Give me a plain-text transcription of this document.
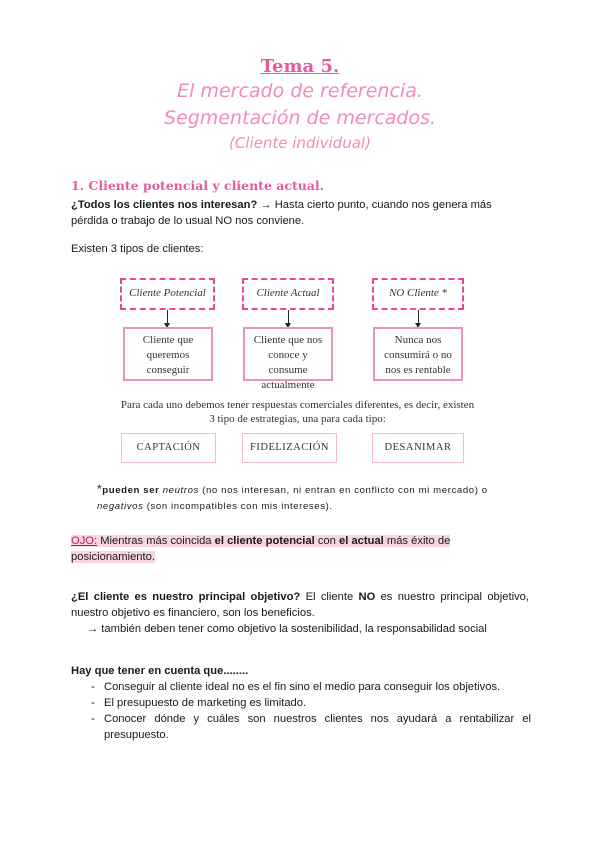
Tema 5.
El mercado de referencia.
Segmentación de mercados.
(Cliente individual)
1. Cliente potencial y cliente actual.
¿Todos los clientes nos interesan? → Hasta cierto punto, cuando nos genera más pérdida o trabajo de lo usual NO nos conviene.
Existen 3 tipos de clientes:
Cliente Potencial	Cliente Actual	NO Cliente *
Cliente que queremos conseguir
Cliente que nos conoce y consume actualmente
Nunca nos consumirá o no nos es rentable
Para cada uno debemos tener respuestas comerciales diferentes, es decir, existen 3 tipo de estrategias, una para cada tipo:
CAPTACIÓN	FIDELIZACIÓN	DESANIMAR
*pueden ser neutros (no nos interesan, ni entran en conflicto con mi mercado) o negativos (son incompatibles con mis intereses).
OJO: Mientras más coincida el cliente potencial con el actual más éxito de posicionamiento.
¿El cliente es nuestro principal objetivo? El cliente NO es nuestro principal objetivo, nuestro objetivo es financiero, son los beneficios.
→ también deben tener como objetivo la sostenibilidad, la responsabilidad social
Hay que tener en cuenta que........
- Conseguir al cliente ideal no es el fin sino el medio para conseguir los objetivos.
- El presupuesto de marketing es limitado.
- Conocer dónde y cuáles son nuestros clientes nos ayudará a rentabilizar el presupuesto.
